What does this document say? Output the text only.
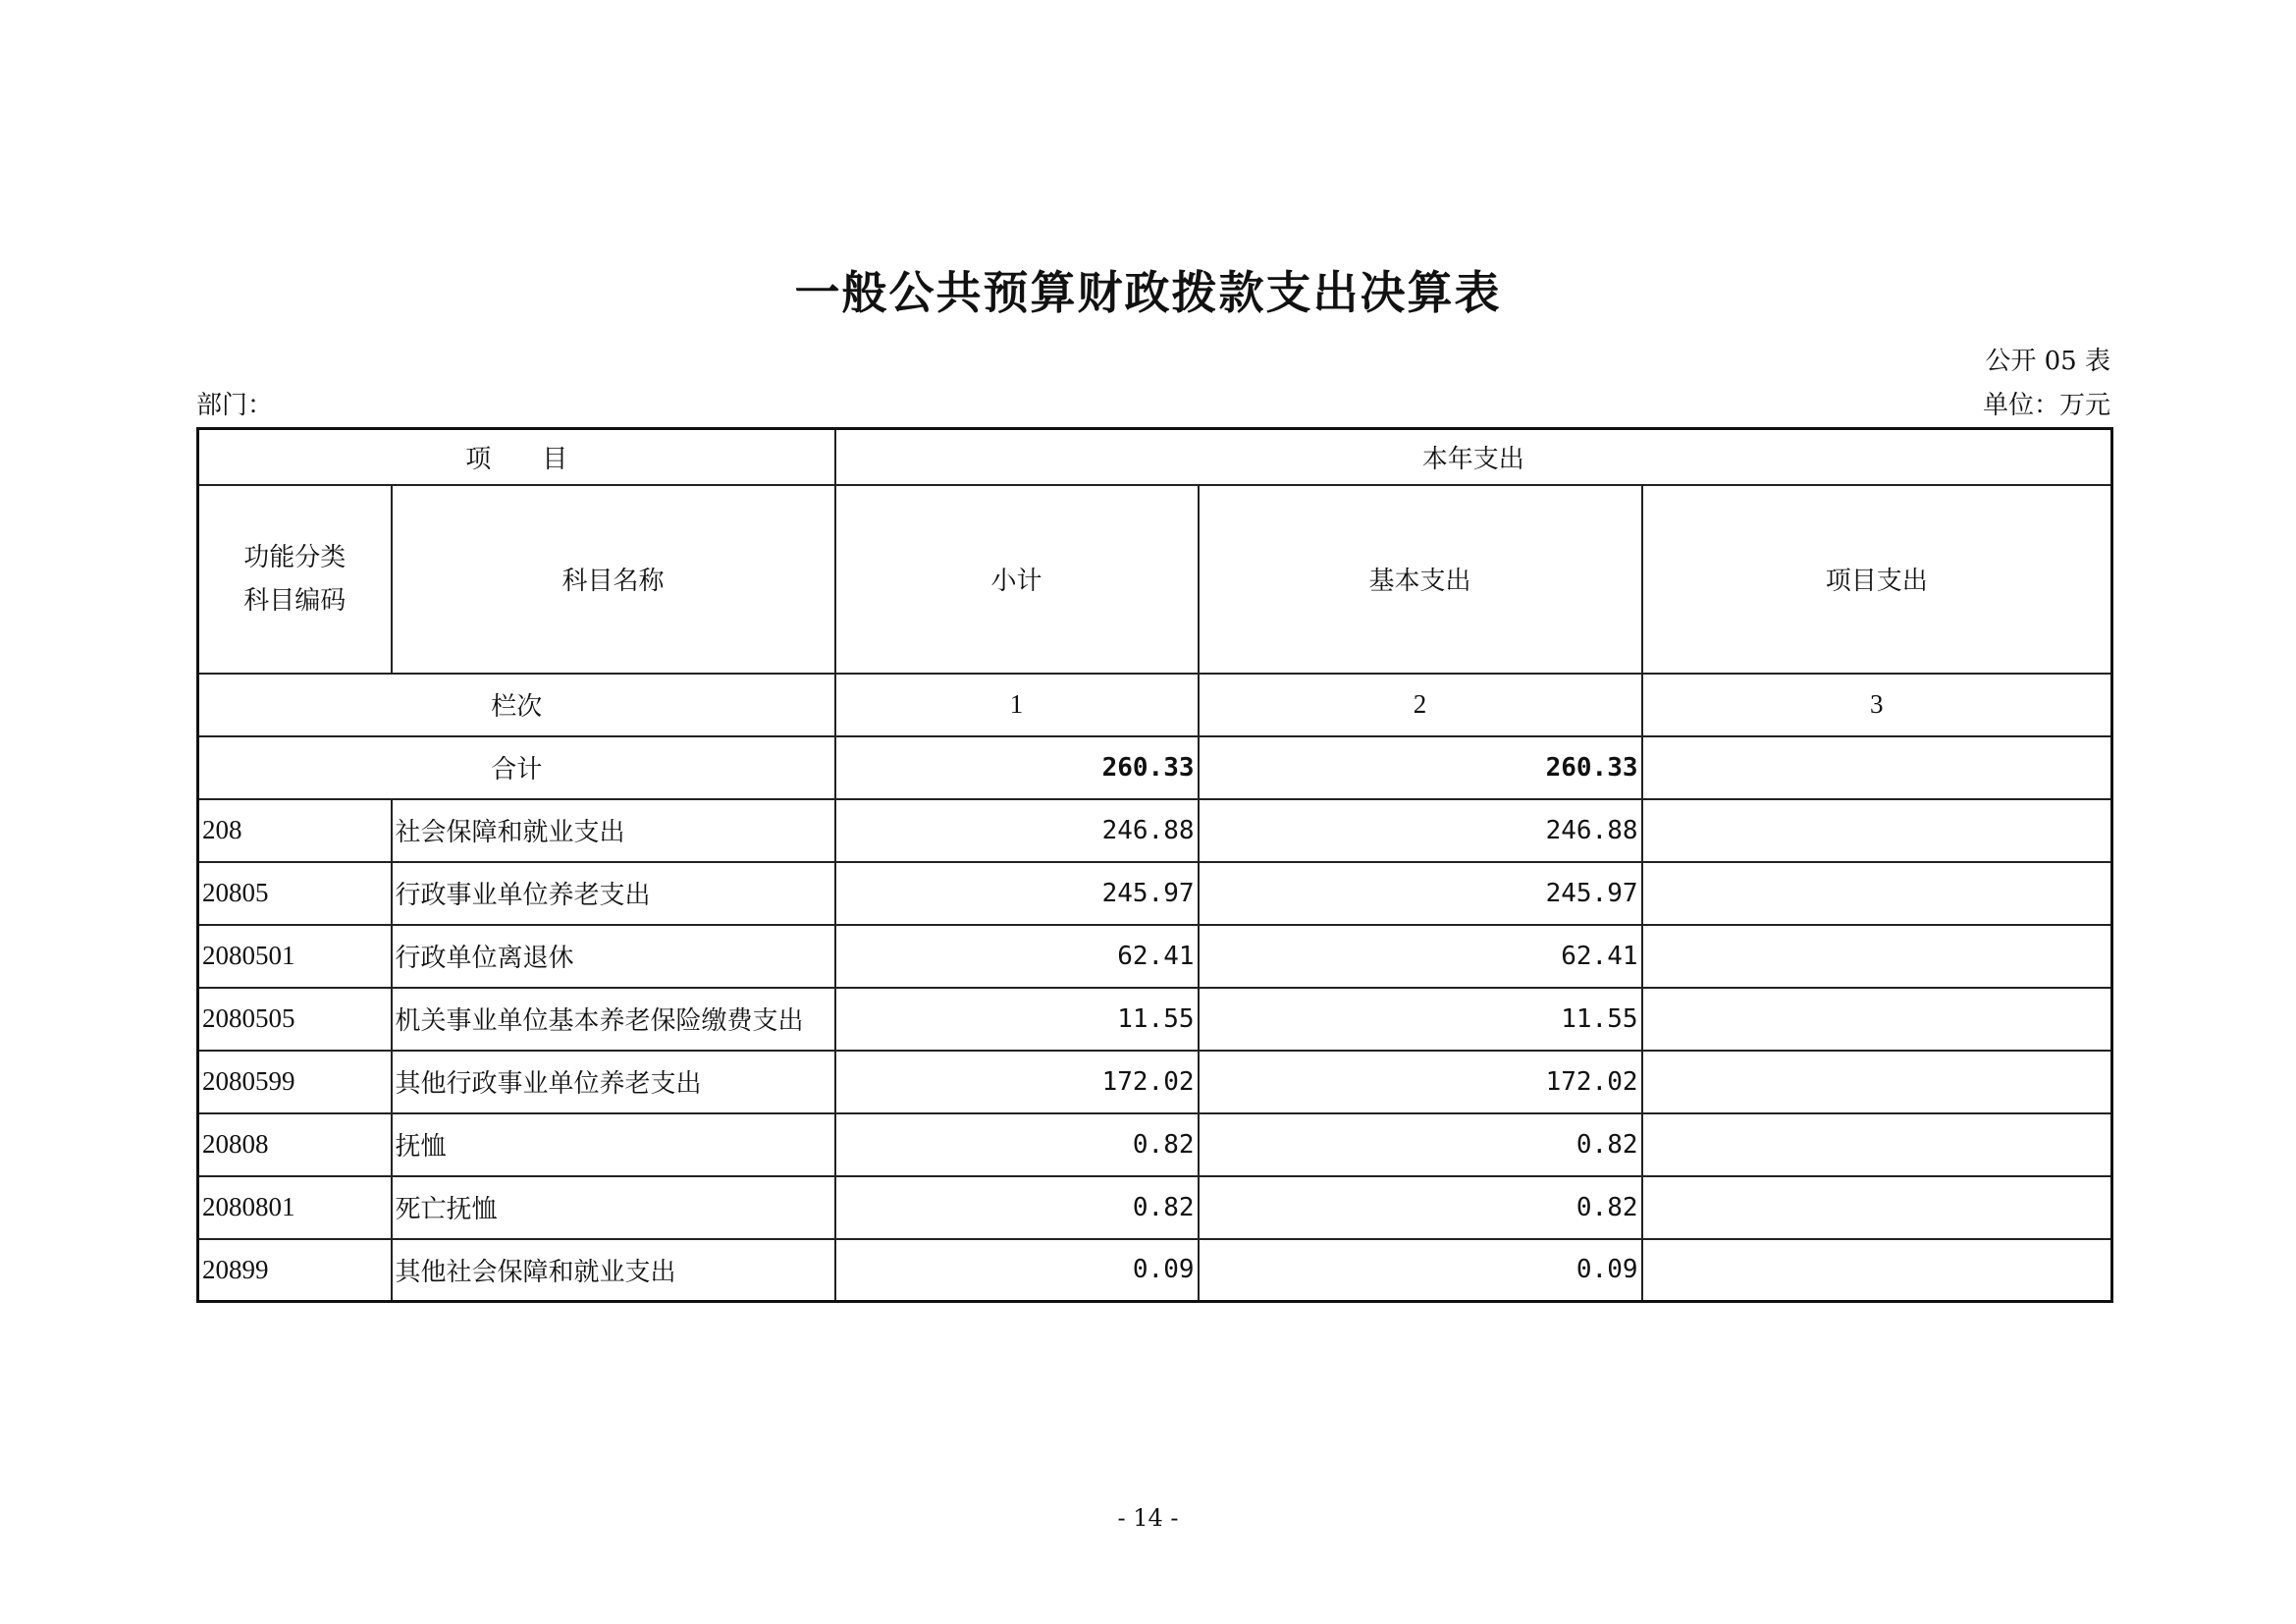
一般公共预算财政拨款支出决算表
公开 05 表
部门：	单位：万元
项　　目		本年支出		

功能分类
科目编码	科目名称	小计	基本支出	项目支出
栏次		1	2	3
合计		260.33	260.33	
208	社会保障和就业支出	246.88	246.88	
20805	行政事业单位养老支出	245.97	245.97	
2080501	行政单位离退休	62.41	62.41	
2080505	机关事业单位基本养老保险缴费支出	11.55	11.55	
2080599	其他行政事业单位养老支出	172.02	172.02	
20808	抚恤	0.82	0.82	
2080801	死亡抚恤	0.82	0.82	
20899	其他社会保障和就业支出	0.09	0.09	
- 14 -
